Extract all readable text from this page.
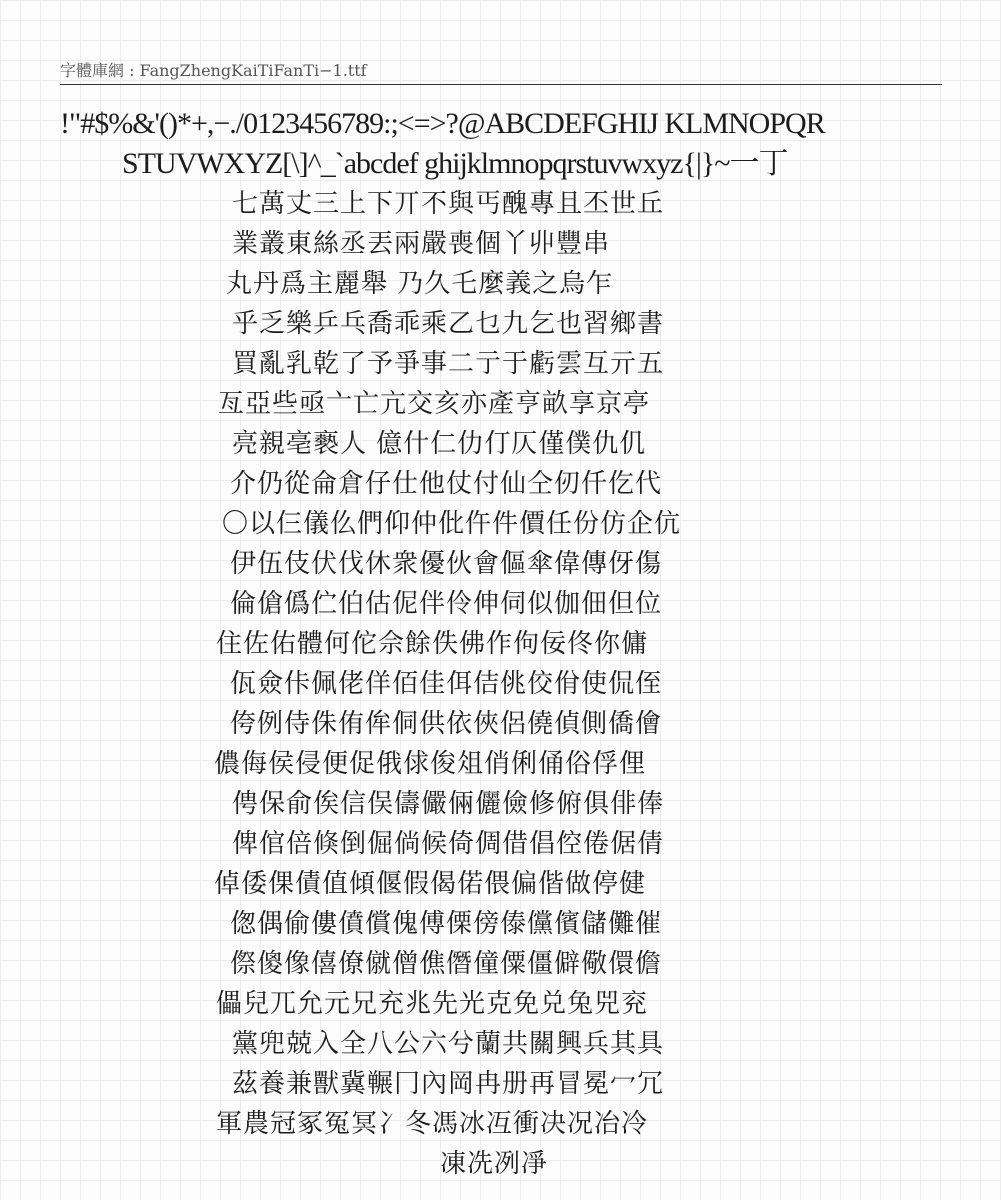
字體庫網 : FangZhengKaiTiFanTi−1.ttf
!"#$%&'()*+,−./0123456789:;<=>?@ABCDEFGHIJ KLMNOPQR
STUVWXYZ[\]^_`abcdef ghijklmnopqrstuvwxyz{|}~一丁
七萬丈三上下丌不與丐醜專且丕世丘
業叢東絲丞丟兩嚴喪個丫丱豐串
丸丹爲主麗舉 乃久乇麼義之烏乍
乎乏樂乒乓喬乖乘乙乜九乞也習鄉書
買亂乳乾了予爭事二亍于虧雲互亓五
亙亞些亟亠亡亢交亥亦產亨畝享京亭
亮親亳褻人 億什仁仂仃仄僅僕仇仉
介仍從侖倉仔仕他仗付仙仝仞仟仡代
〇以仨儀仫們仰仲仳仵件價任份仿企伉
伊伍伎伏伐休衆優伙會傴傘偉傳伢傷
倫傖僞伫伯估伲伴伶伸伺似伽佃但位
住佐佑體何佗佘餘佚佛作佝佞佟你傭
佤僉佧佩佬佯佰佳佴佶佻佼佾使侃侄
侉例侍侏侑侔侗供依俠侶僥偵側僑儈
儂侮侯侵便促俄俅俊俎俏俐俑俗俘俚
俜保俞俟信俣儔儼倆儷儉修俯俱俳俸
俾倌倍倏倒倔倘候倚倜借倡倥倦倨倩
倬倭倮債值傾偃假偈偌偎偏偕做停健
偬偶偷僂僨償傀傅傈傍傣儻儐儲儺催
傺傻像僖僚僦僧僬僭僮僳僵僻儆儇儋
儡兒兀允元兄充兆先光克免兑兔兕兖
黨兜兢入全八公六兮蘭共關興兵其具
茲養兼獸冀冁冂內岡冉册再冒冕冖冗
軍農冠冢冤冥冫冬馮冰冱衝决况冶冷
凍冼冽凈
